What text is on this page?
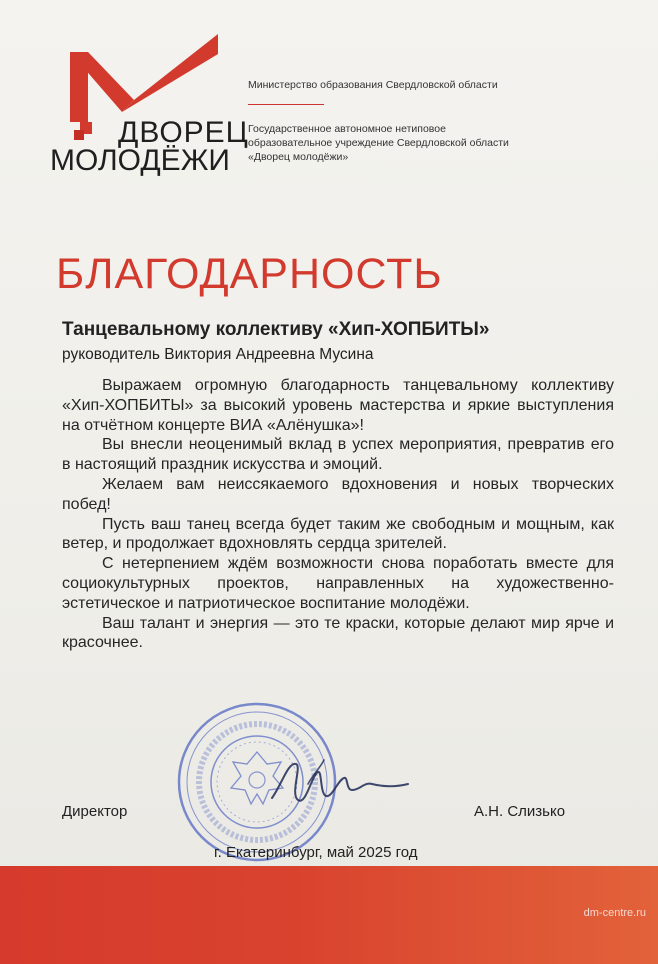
ДВОРЕЦ
МОЛОДЁЖИ
Министерство образования Свердловской области
Государственное автономное нетиповое
образовательное учреждение Свердловской области
«Дворец молодёжи»
БЛАГОДАРНОСТЬ
Танцевальному коллективу «Хип-ХОПБИТЫ»
руководитель Виктория Андреевна Мусина

Выражаем огромную благодарность танцевальному коллективу «Хип-ХОПБИТЫ» за высокий уровень мастерства и яркие выступления на отчётном концерте ВИА «Алёнушка»!

Вы внесли неоценимый вклад в успех мероприятия, превратив его в настоящий праздник искусства и эмоций.

Желаем вам неиссякаемого вдохновения и новых творческих побед!

Пусть ваш танец всегда будет таким же свободным и мощным, как ветер, и продолжает вдохновлять сердца зрителей.

С нетерпением ждём возможности снова поработать вместе для социокультурных проектов, направленных на художественно-эстетическое и патриотическое воспитание молодёжи.

Ваш талант и энергия — это те краски, которые делают мир ярче и красочнее.

Директор	А.Н. Слизько
г. Екатеринбург, май 2025 год
dm-centre.ru
